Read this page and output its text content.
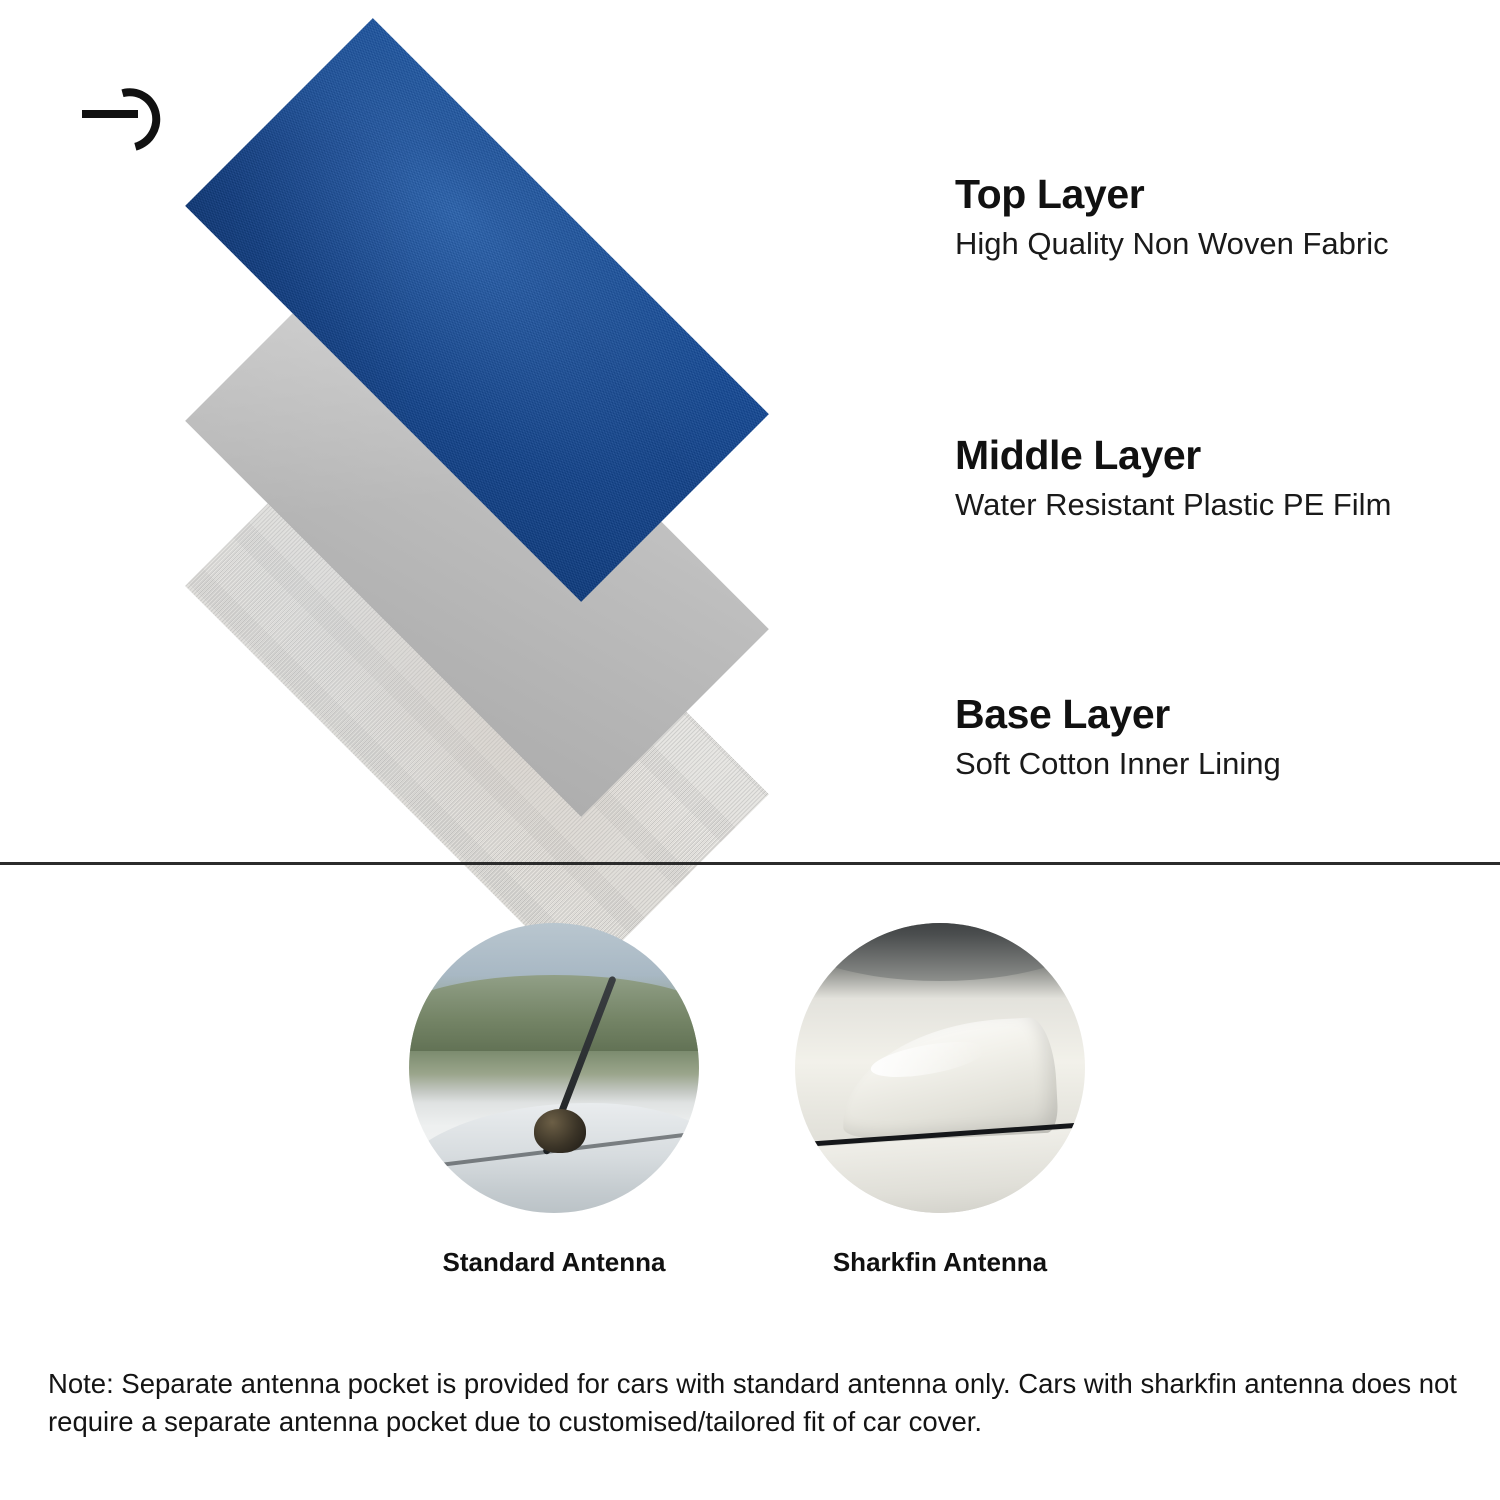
Top Layer
High Quality Non Woven Fabric
Middle Layer
Water Resistant Plastic PE Film
Base Layer
Soft Cotton Inner Lining
Standard Antenna	Sharkfin Antenna
Note: Separate antenna pocket is provided for cars with standard antenna only. Cars with sharkfin antenna does not require a separate antenna pocket due to customised/tailored fit of car cover.
